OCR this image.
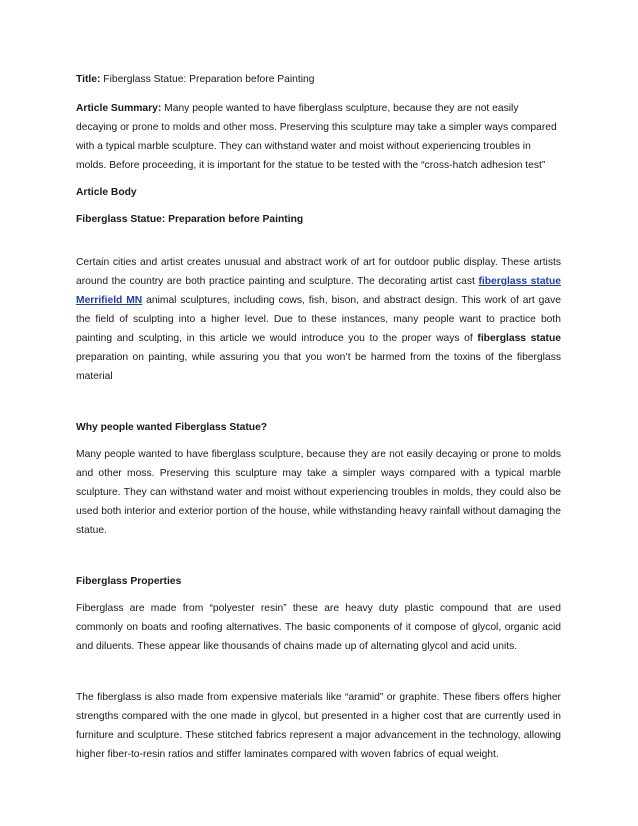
Title: Fiberglass Statue: Preparation before Painting

Article Summary: Many people wanted to have fiberglass sculpture, because they are not easily decaying or prone to molds and other moss. Preserving this sculpture may take a simpler ways compared with a typical marble sculpture. They can withstand water and moist without experiencing troubles in molds. Before proceeding, it is important for the statue to be tested with the “cross-hatch adhesion test”

Article Body

Fiberglass Statue: Preparation before Painting

Certain cities and artist creates unusual and abstract work of art for outdoor public display. These artists around the country are both practice painting and sculpture. The decorating artist cast fiberglass statue Merrifield MN animal sculptures, including cows, fish, bison, and abstract design. This work of art gave the field of sculpting into a higher level. Due to these instances, many people want to practice both painting and sculpting, in this article we would introduce you to the proper ways of fiberglass statue preparation on painting, while assuring you that you won’t be harmed from the toxins of the fiberglass material

Why people wanted Fiberglass Statue?

Many people wanted to have fiberglass sculpture, because they are not easily decaying or prone to molds and other moss. Preserving this sculpture may take a simpler ways compared with a typical marble sculpture. They can withstand water and moist without experiencing troubles in molds, they could also be used both interior and exterior portion of the house, while withstanding heavy rainfall without damaging the statue.

Fiberglass Properties

Fiberglass are made from “polyester resin” these are heavy duty plastic compound that are used commonly on boats and roofing alternatives. The basic components of it compose of glycol, organic acid and diluents. These appear like thousands of chains made up of alternating glycol and acid units.

The fiberglass is also made from expensive materials like “aramid” or graphite. These fibers offers higher strengths compared with the one made in glycol, but presented in a higher cost that are currently used in furniture and sculpture. These stitched fabrics represent a major advancement in the technology, allowing higher fiber-to-resin ratios and stiffer laminates compared with woven fabrics of equal weight.
